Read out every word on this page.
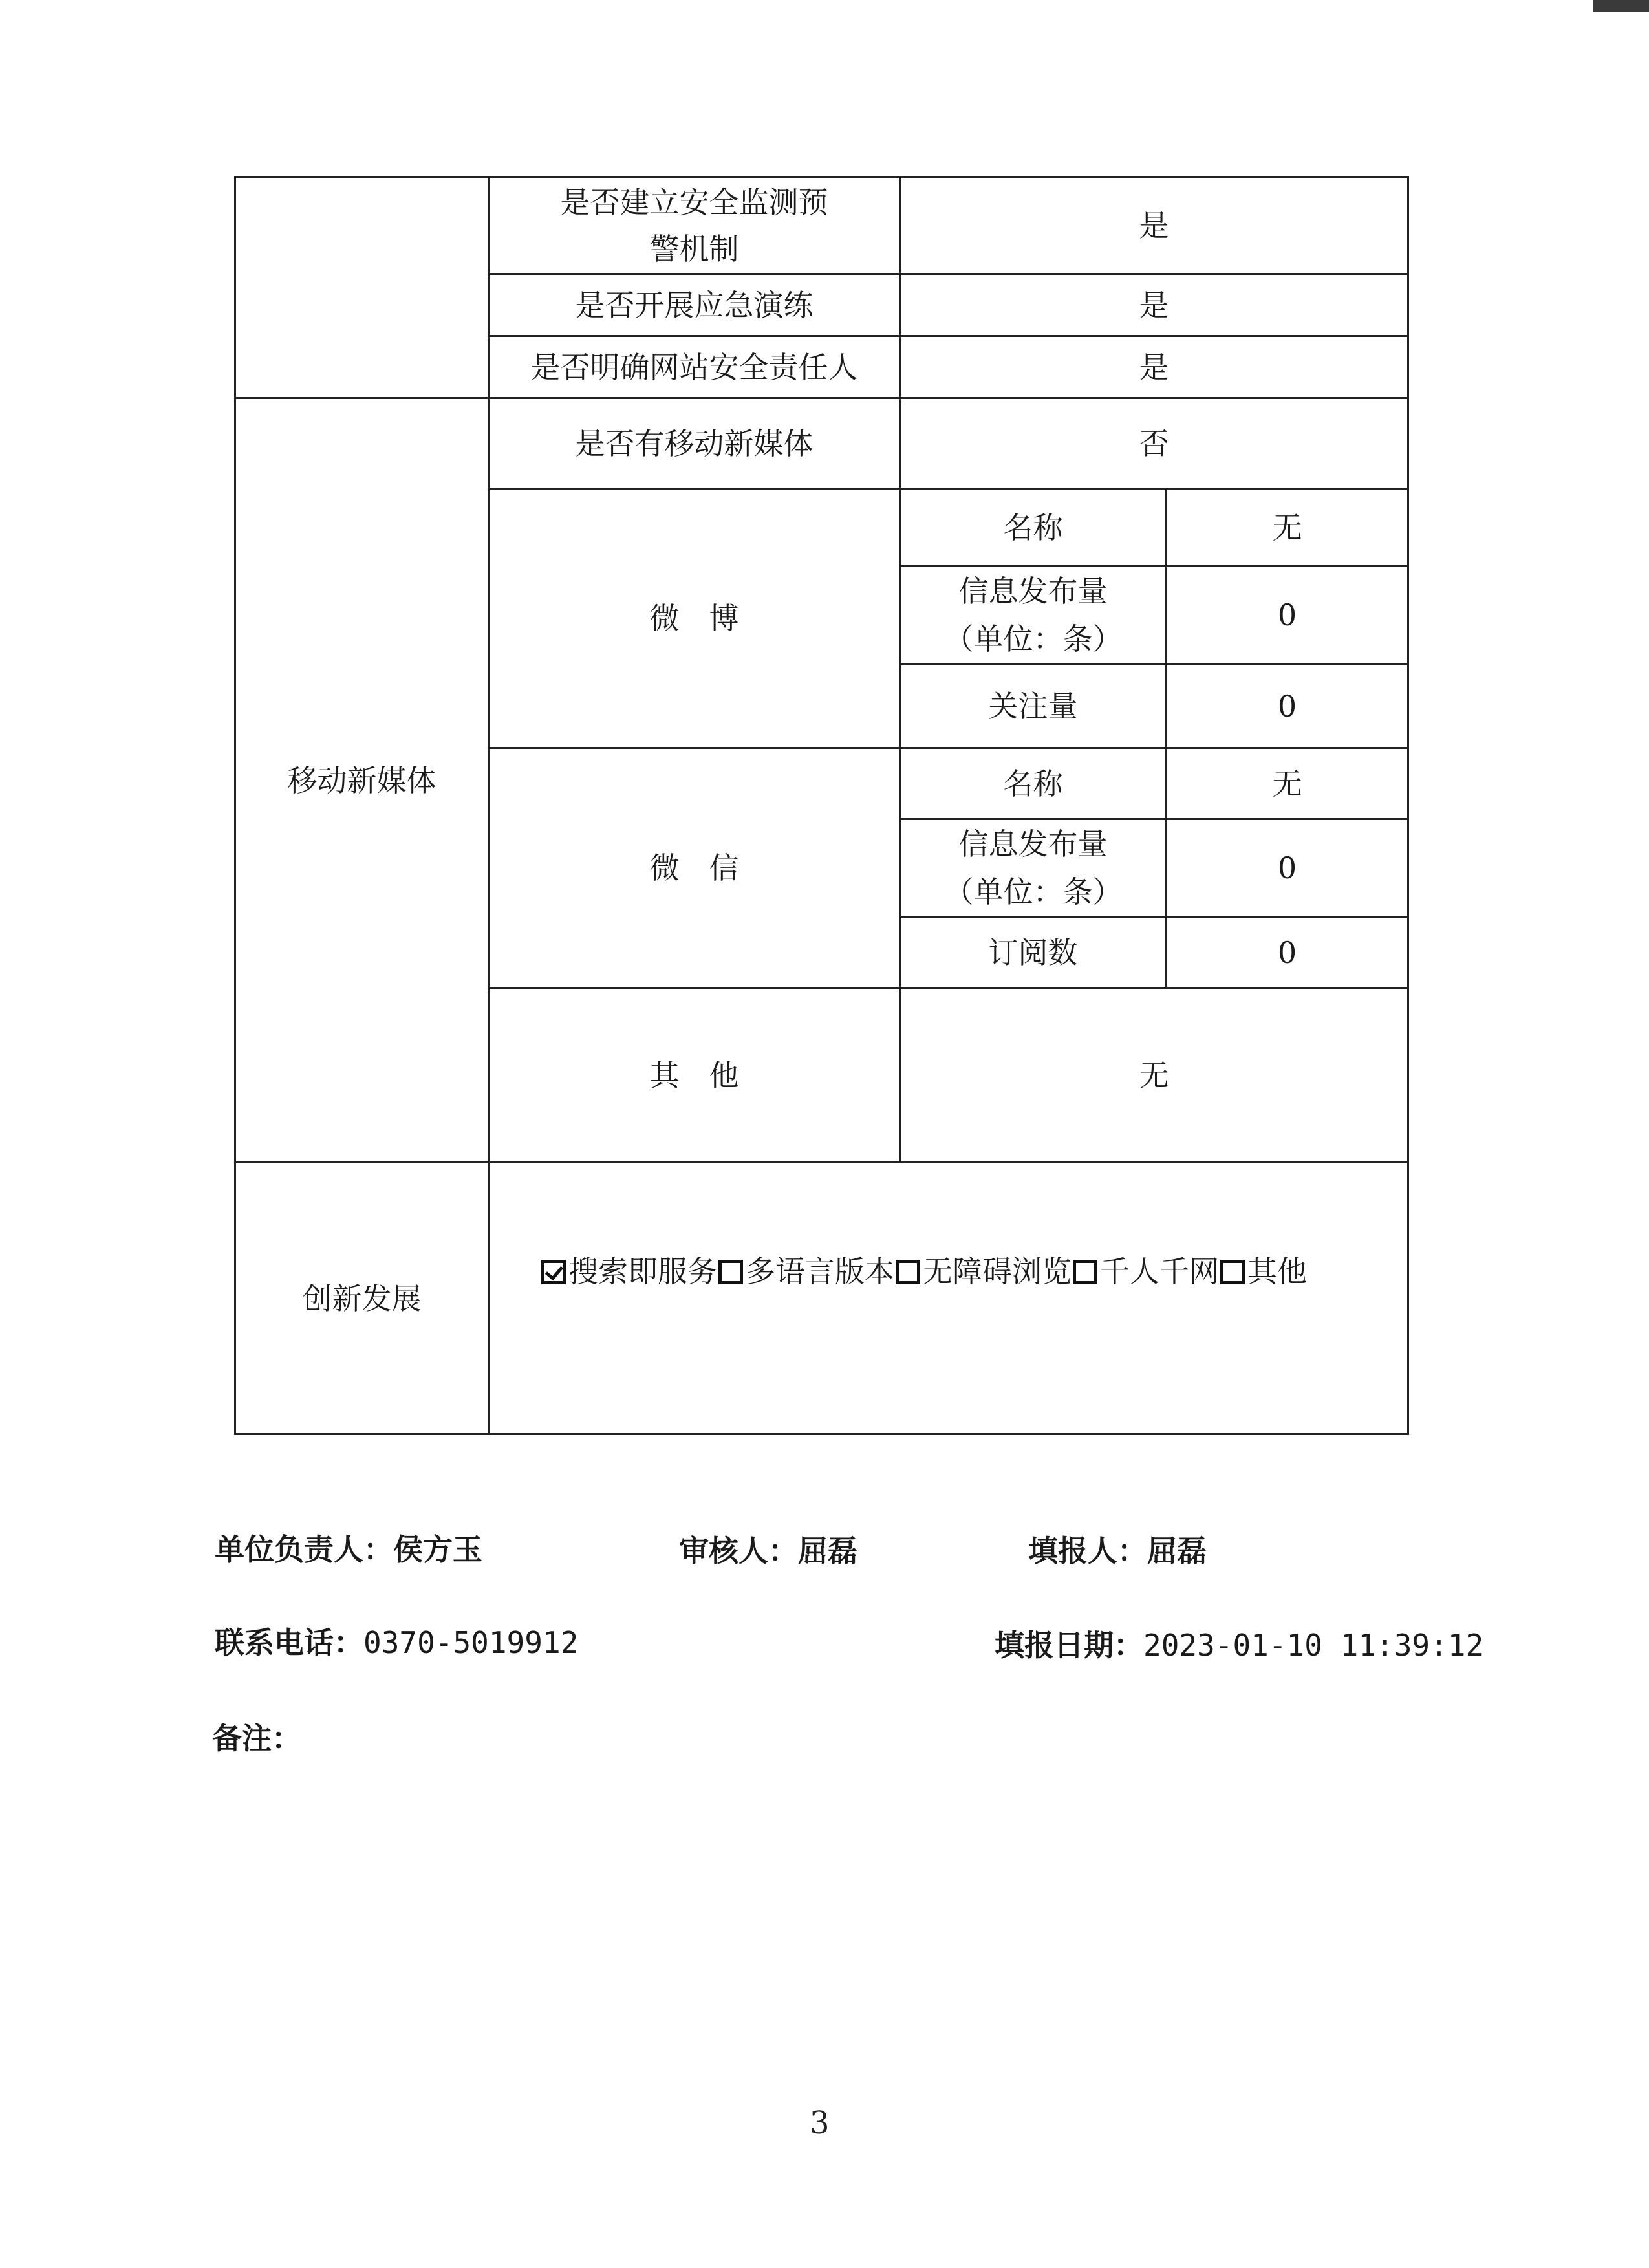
	是否建立安全监测预警机制	是	
	是否开展应急演练	是	
	是否明确网站安全责任人	是	
移动新媒体	是否有移动新媒体	否	
	微　博	名称	无

		信息发布量
（单位：条）	0
		关注量	0
	微　信	名称	无

		信息发布量
（单位：条）	0
		订阅数	0
	其　他	无	
创新发展	搜索即服务 多语言版本 无障碍浏览 千人千网 其他		
单位负责人：侯方玉	审核人：屈磊	填报人：屈磊
联系电话：0370-5019912	填报日期：2023-01-10 11:39:12
备注：
3
